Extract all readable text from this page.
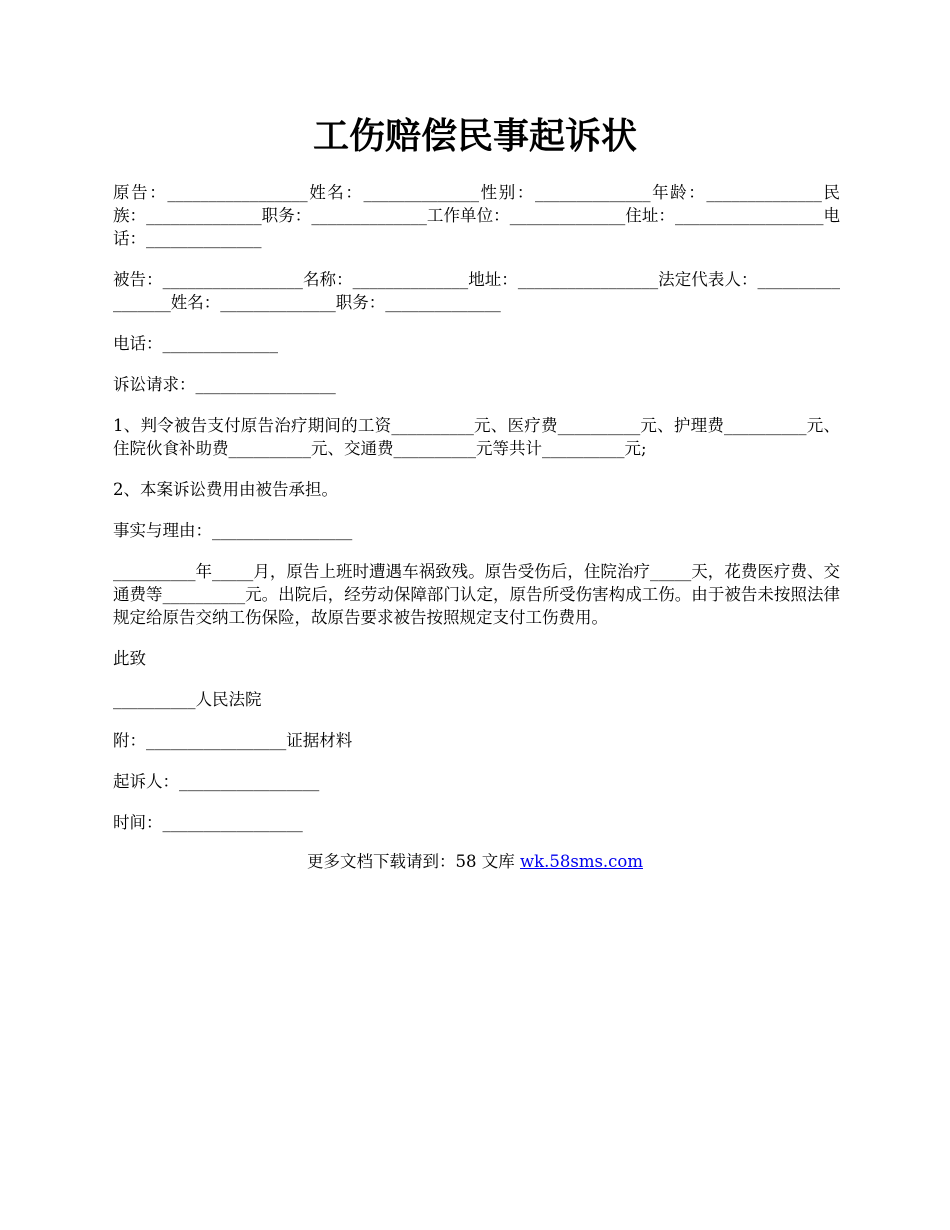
工伤赔偿民事起诉状

原告：_________________姓名：______________性别：______________年龄：______________民族：______________职务：______________工作单位：______________住址：__________________电话：______________

被告：_________________名称：______________地址：_________________法定代表人：_________________姓名：______________职务：______________

电话：______________

诉讼请求：_________________

1、判令被告支付原告治疗期间的工资__________元、医疗费__________元、护理费__________元、住院伙食补助费__________元、交通费__________元等共计__________元;

2、本案诉讼费用由被告承担。

事实与理由：_________________

__________年_____月，原告上班时遭遇车祸致残。原告受伤后，住院治疗_____天，花费医疗费、交通费等__________元。出院后，经劳动保障部门认定，原告所受伤害构成工伤。由于被告未按照法律规定给原告交纳工伤保险，故原告要求被告按照规定支付工伤费用。

此致

__________人民法院

附：_________________证据材料

起诉人：_________________

时间：_________________

更多文档下载请到：58 文库 wk.58sms.com
